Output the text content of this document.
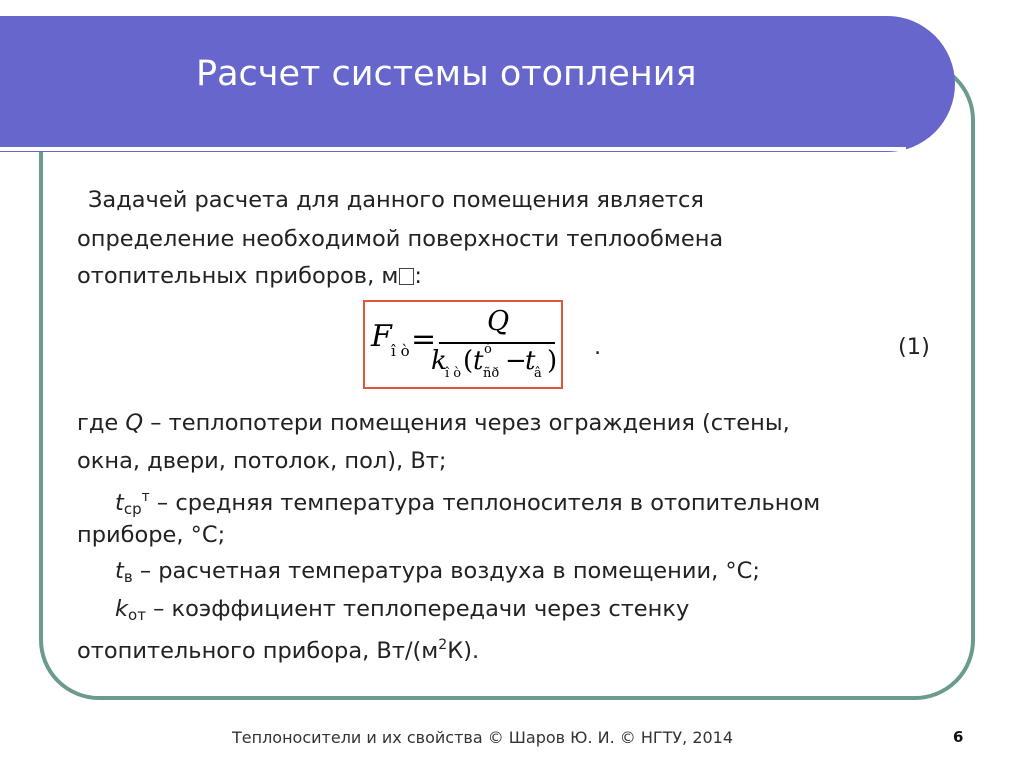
Расчет системы отопления
Задачей расчета для данного помещения является
определение необходимой поверхности теплообмена
отопительных приборов, м :
F î ò =
Q
k
î ò ( t ò
ñð −
t
â ) .	(1)
где Q – теплопотери помещения через ограждения (стены,
окна, двери, потолок, пол), Вт;
$t_{ср}^т$ – средняя температура теплоносителя в отопительном
приборе, °С;
$t_в$ – расчетная температура воздуха в помещении, °С;
$k_{от}$ – коэффициент теплопередачи через стенку
отопительного прибора, $Вт/(м^2К)$.
Теплоносители и их свойства © Шаров Ю. И. © НГТУ, 2014	6
